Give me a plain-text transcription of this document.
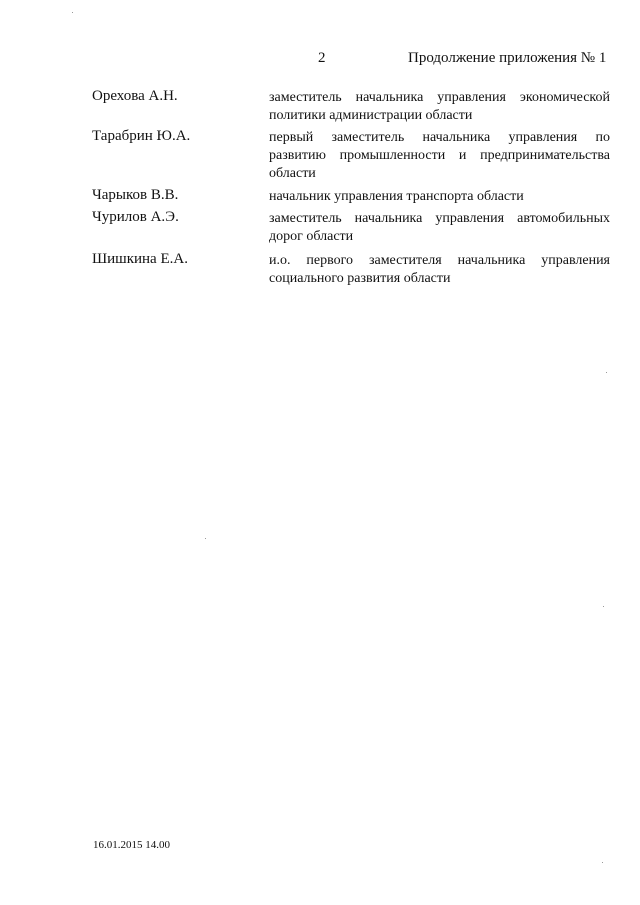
2	Продолжение приложения № 1
Орехова А.Н.	заместитель начальника управления экономической политики администрации области
Тарабрин Ю.А.	первый заместитель начальника управления по развитию промышленности и предпринимательства области
Чарыков В.В.	начальник управления транспорта области
Чурилов А.Э.	заместитель начальника управления автомобильных дорог области
Шишкина Е.А.	и.о. первого заместителя начальника управления социального развития области
16.01.2015 14.00
